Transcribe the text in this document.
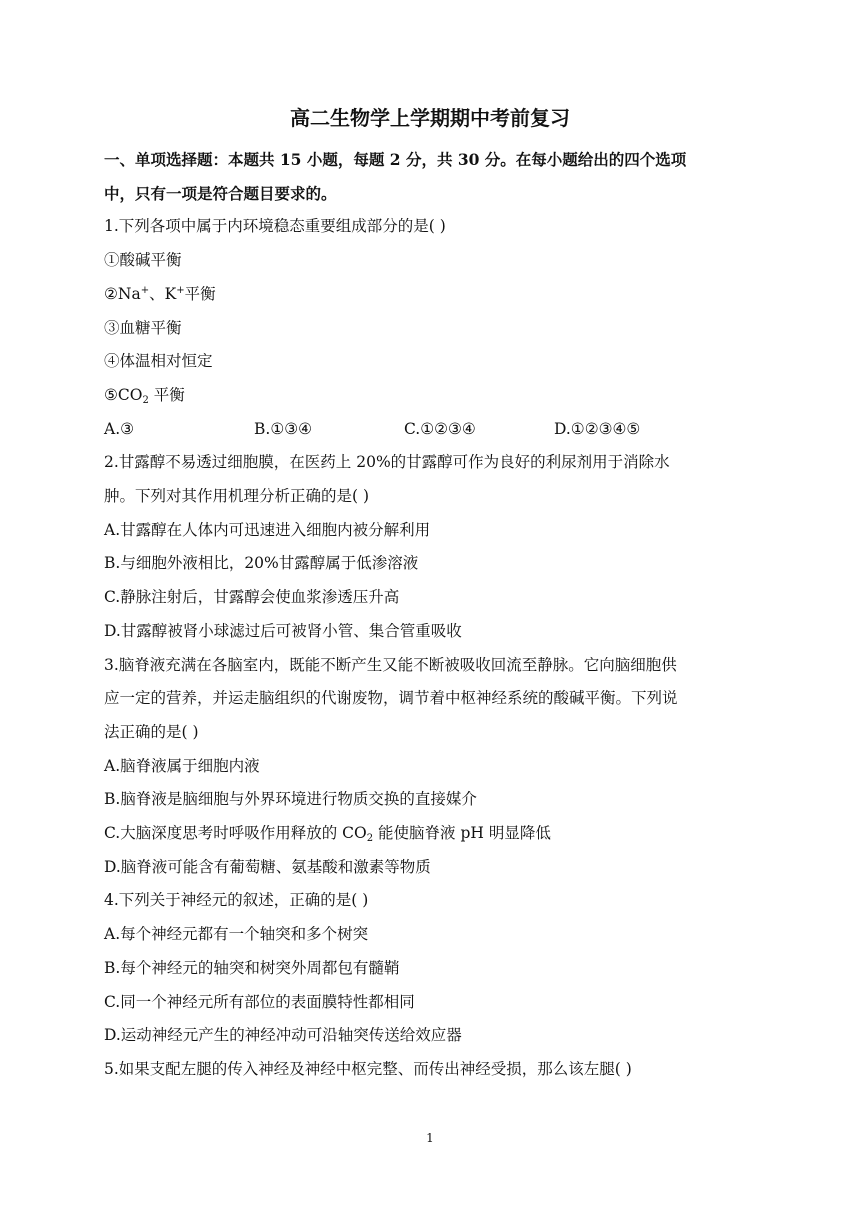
高二生物学上学期期中考前复习
一、单项选择题：本题共 15 小题，每题 2 分，共 30 分。在每小题给出的四个选项
中，只有一项是符合题目要求的。
1.下列各项中属于内环境稳态重要组成部分的是( )
①酸碱平衡
②Na+、K+平衡
③血糖平衡
④体温相对恒定
$⑤CO_2$ 平衡
A.③	B.①③④	C.①②③④	D.①②③④⑤
2.甘露醇不易透过细胞膜，在医药上 20%的甘露醇可作为良好的利尿剂用于消除水
肿。下列对其作用机理分析正确的是( )
A.甘露醇在人体内可迅速进入细胞内被分解利用
B.与细胞外液相比，20%甘露醇属于低渗溶液
C.静脉注射后，甘露醇会使血浆渗透压升高
D.甘露醇被肾小球滤过后可被肾小管、集合管重吸收
3.脑脊液充满在各脑室内，既能不断产生又能不断被吸收回流至静脉。它向脑细胞供
应一定的营养，并运走脑组织的代谢废物，调节着中枢神经系统的酸碱平衡。下列说
法正确的是( )
A.脑脊液属于细胞内液
B.脑脊液是脑细胞与外界环境进行物质交换的直接媒介
C.大脑深度思考时呼吸作用释放的 $CO_2$ 能使脑脊液 pH 明显降低
D.脑脊液可能含有葡萄糖、氨基酸和激素等物质
4.下列关于神经元的叙述，正确的是( )
A.每个神经元都有一个轴突和多个树突
B.每个神经元的轴突和树突外周都包有髓鞘
C.同一个神经元所有部位的表面膜特性都相同
D.运动神经元产生的神经冲动可沿轴突传送给效应器
5.如果支配左腿的传入神经及神经中枢完整、而传出神经受损，那么该左腿( )
1
